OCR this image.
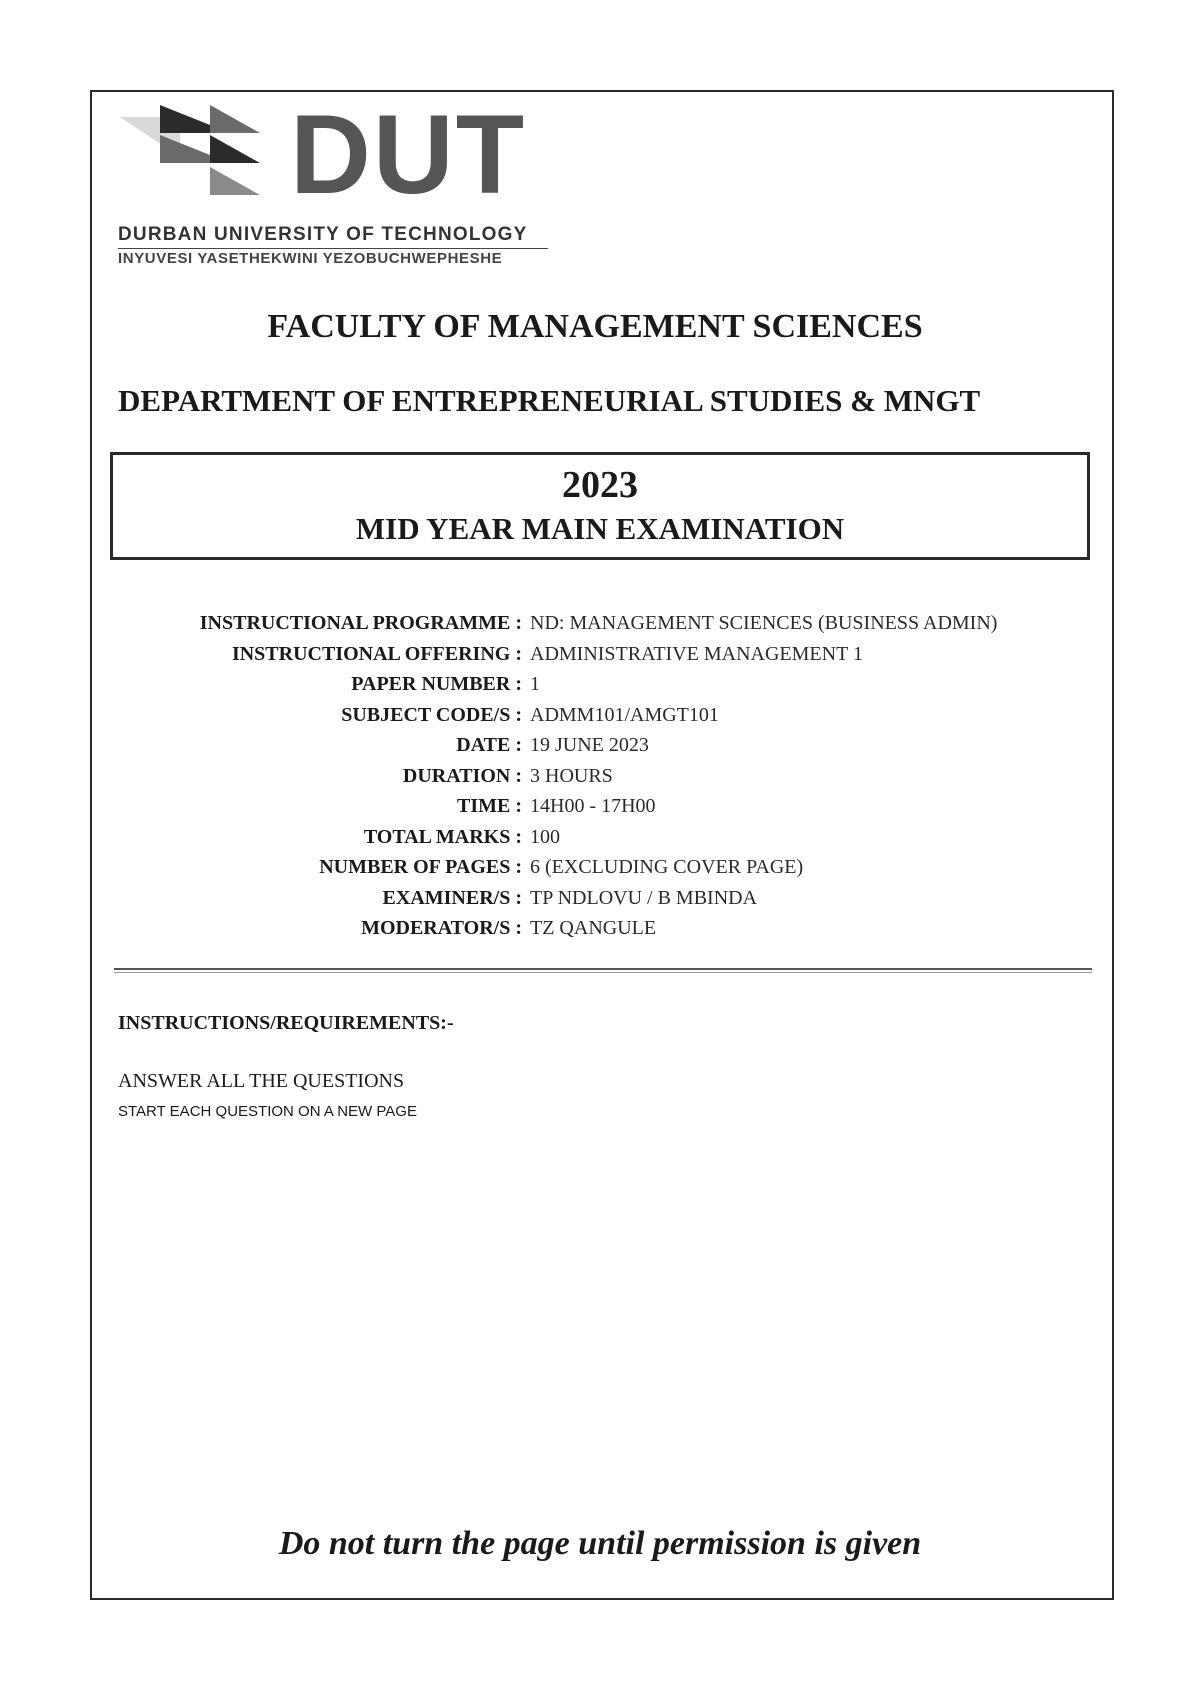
DUT
DURBAN UNIVERSITY OF TECHNOLOGY
INYUVESI YASETHEKWINI YEZOBUCHWEPHESHE
FACULTY OF MANAGEMENT SCIENCES
DEPARTMENT OF ENTREPRENEURIAL STUDIES & MNGT
2023
MID YEAR MAIN EXAMINATION
INSTRUCTIONAL PROGRAMME : ND: MANAGEMENT SCIENCES (BUSINESS ADMIN)
INSTRUCTIONAL OFFERING : ADMINISTRATIVE MANAGEMENT 1
PAPER NUMBER : 1
SUBJECT CODE/S : ADMM101/AMGT101
DATE : 19 JUNE 2023
DURATION : 3 HOURS
TIME : 14H00 - 17H00
TOTAL MARKS : 100
NUMBER OF PAGES : 6 (EXCLUDING COVER PAGE)
EXAMINER/S : TP NDLOVU / B MBINDA
MODERATOR/S : TZ QANGULE
INSTRUCTIONS/REQUIREMENTS:-
ANSWER ALL THE QUESTIONS
START EACH QUESTION ON A NEW PAGE
Do not turn the page until permission is given
